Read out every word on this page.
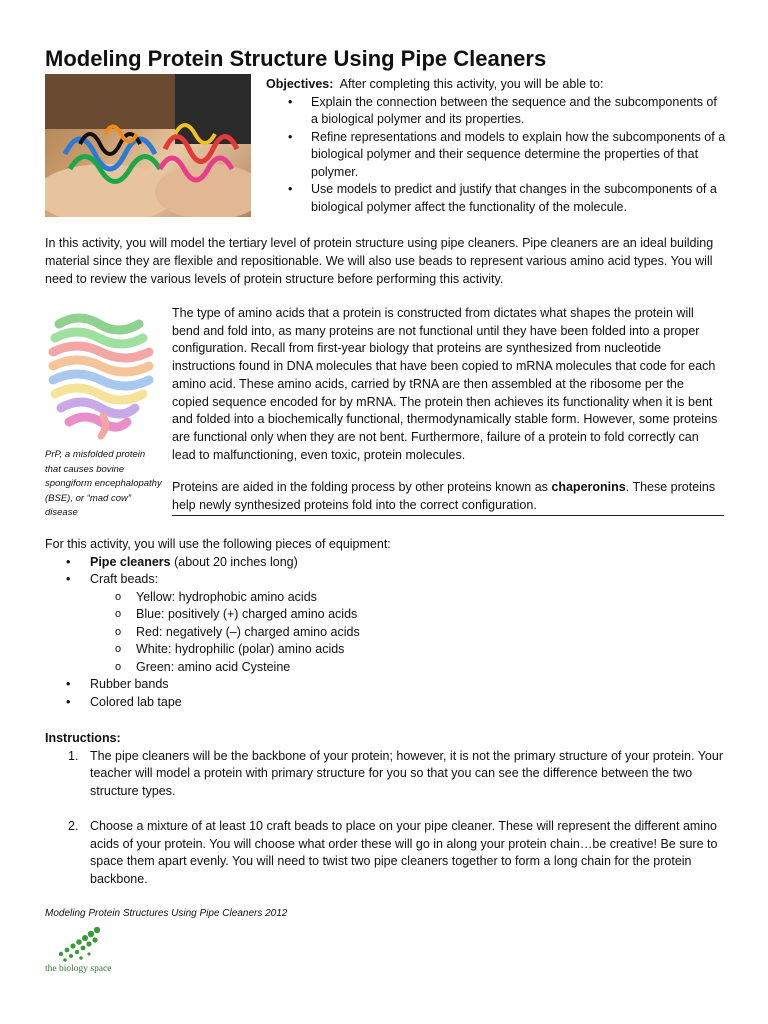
Modeling Protein Structure Using Pipe Cleaners
Objectives: After completing this activity, you will be able to:
• Explain the connection between the sequence and the subcomponents of a biological polymer and its properties.
• Refine representations and models to explain how the subcomponents of a biological polymer and their sequence determine the properties of that polymer.
• Use models to predict and justify that changes in the subcomponents of a biological polymer affect the functionality of the molecule.
In this activity, you will model the tertiary level of protein structure using pipe cleaners. Pipe cleaners are an ideal building material since they are flexible and repositionable. We will also use beads to represent various amino acid types. You will need to review the various levels of protein structure before performing this activity.
PrP, a misfolded protein that causes bovine spongiform encephalopathy (BSE), or “mad cow” disease
The type of amino acids that a protein is constructed from dictates what shapes the protein will bend and fold into, as many proteins are not functional until they have been folded into a proper configuration. Recall from first-year biology that proteins are synthesized from nucleotide instructions found in DNA molecules that have been copied to mRNA molecules that code for each amino acid. These amino acids, carried by tRNA are then assembled at the ribosome per the copied sequence encoded for by mRNA. The protein then achieves its functionality when it is bent and folded into a biochemically functional, thermodynamically stable form. However, some proteins are functional only when they are not bent. Furthermore, failure of a protein to fold correctly can lead to malfunctioning, even toxic, protein molecules.
Proteins are aided in the folding process by other proteins known as chaperonins. These proteins help newly synthesized proteins fold into the correct configuration.
For this activity, you will use the following pieces of equipment:
• Pipe cleaners (about 20 inches long)
• Craft beads:
o Yellow: hydrophobic amino acids
o Blue: positively (+) charged amino acids
o Red: negatively (–) charged amino acids
o White: hydrophilic (polar) amino acids
o Green: amino acid Cysteine
• Rubber bands
• Colored lab tape
Instructions:
1. The pipe cleaners will be the backbone of your protein; however, it is not the primary structure of your protein. Your teacher will model a protein with primary structure for you so that you can see the difference between the two structure types.
2. Choose a mixture of at least 10 craft beads to place on your pipe cleaner. These will represent the different amino acids of your protein. You will choose what order these will go in along your protein chain…be creative! Be sure to space them apart evenly. You will need to twist two pipe cleaners together to form a long chain for the protein backbone.
Modeling Protein Structures Using Pipe Cleaners 2012
the biology space
